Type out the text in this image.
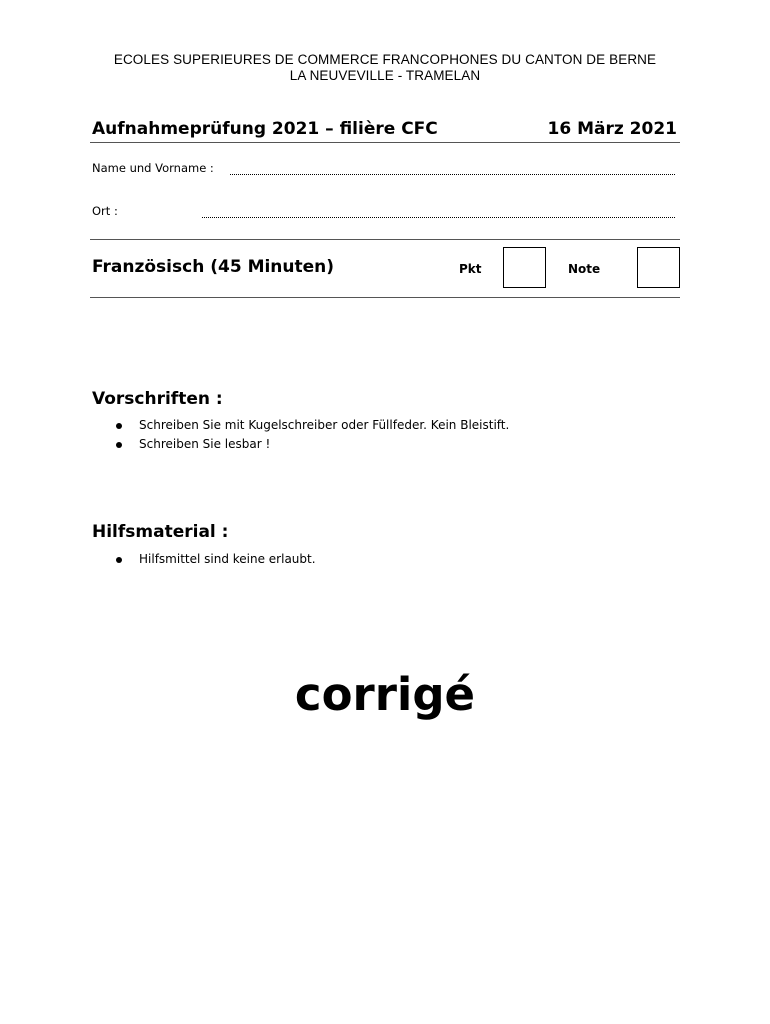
ECOLES SUPERIEURES DE COMMERCE FRANCOPHONES DU CANTON DE BERNE
LA NEUVEVILLE - TRAMELAN
Aufnahmeprüfung 2021 – filière CFC	16 März 2021
Name und Vorname :
Ort :
Französisch (45 Minuten)	Pkt	Note
Vorschriften :
Schreiben Sie mit Kugelschreiber oder Füllfeder. Kein Bleistift.
Schreiben Sie lesbar !
Hilfsmaterial :
Hilfsmittel sind keine erlaubt.
corrigé
